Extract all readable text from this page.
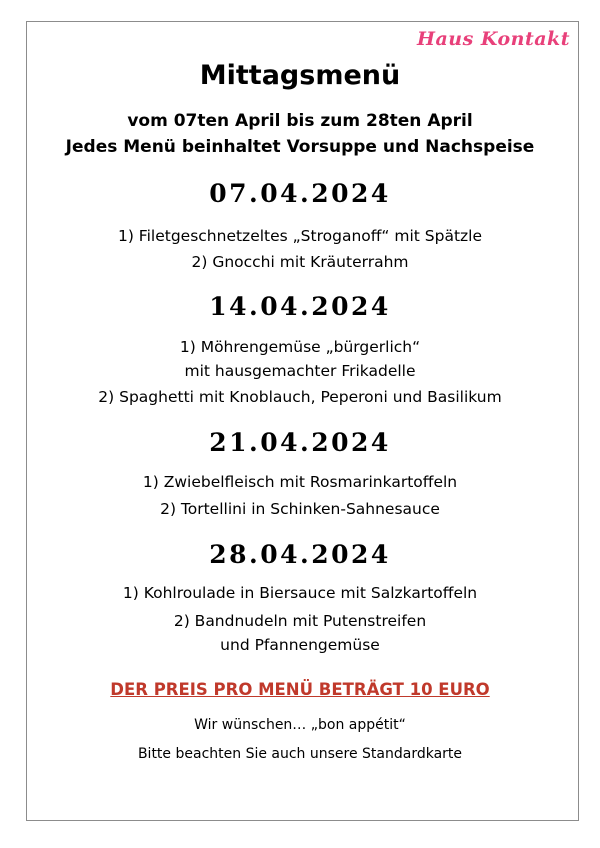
Haus Kontakt
Mittagsmenü
vom 07ten April bis zum 28ten April
Jedes Menü beinhaltet Vorsuppe und Nachspeise
07.04.2024
1) Filetgeschnetzeltes „Stroganoff“ mit Spätzle
2) Gnocchi mit Kräuterrahm
14.04.2024
1) Möhrengemüse „bürgerlich“
mit hausgemachter Frikadelle
2) Spaghetti mit Knoblauch, Peperoni und Basilikum
21.04.2024
1) Zwiebelfleisch mit Rosmarinkartoffeln
2) Tortellini in Schinken-Sahnesauce
28.04.2024
1) Kohlroulade in Biersauce mit Salzkartoffeln
2) Bandnudeln mit Putenstreifen
und Pfannengemüse
DER PREIS PRO MENÜ BETRÄGT 10 EURO
Wir wünschen… „bon appétit“
Bitte beachten Sie auch unsere Standardkarte
